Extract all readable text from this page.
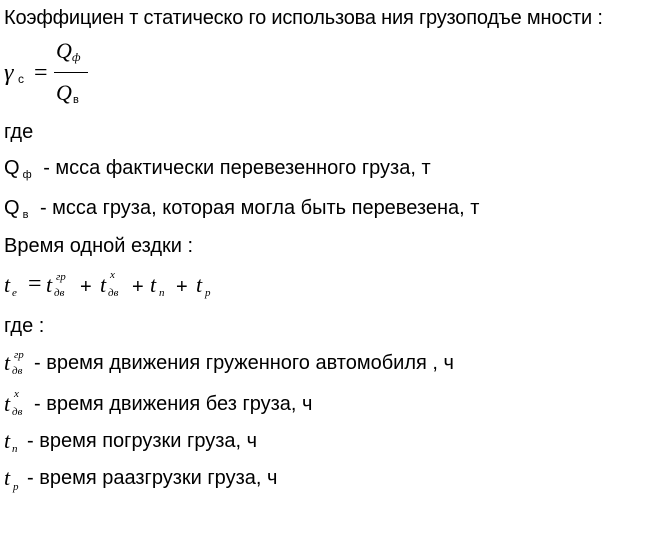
Коэффициен т статическо го использова ния грузоподъе мности :
γ с =
Q ф
Q в
где
Q $_ф$ - мсса фактически перевезенного груза, т
Q $_в$ - мсса груза, которая могла быть перевезена, т
Время одной ездки :
t e = t гр
дв + t х
дв + t п + t р
где :
t гр
дв - время движения груженного автомобиля , ч
t х
дв - время движения без груза, ч
t п - время погрузки груза, ч
t р - время раазгрузки груза, ч
